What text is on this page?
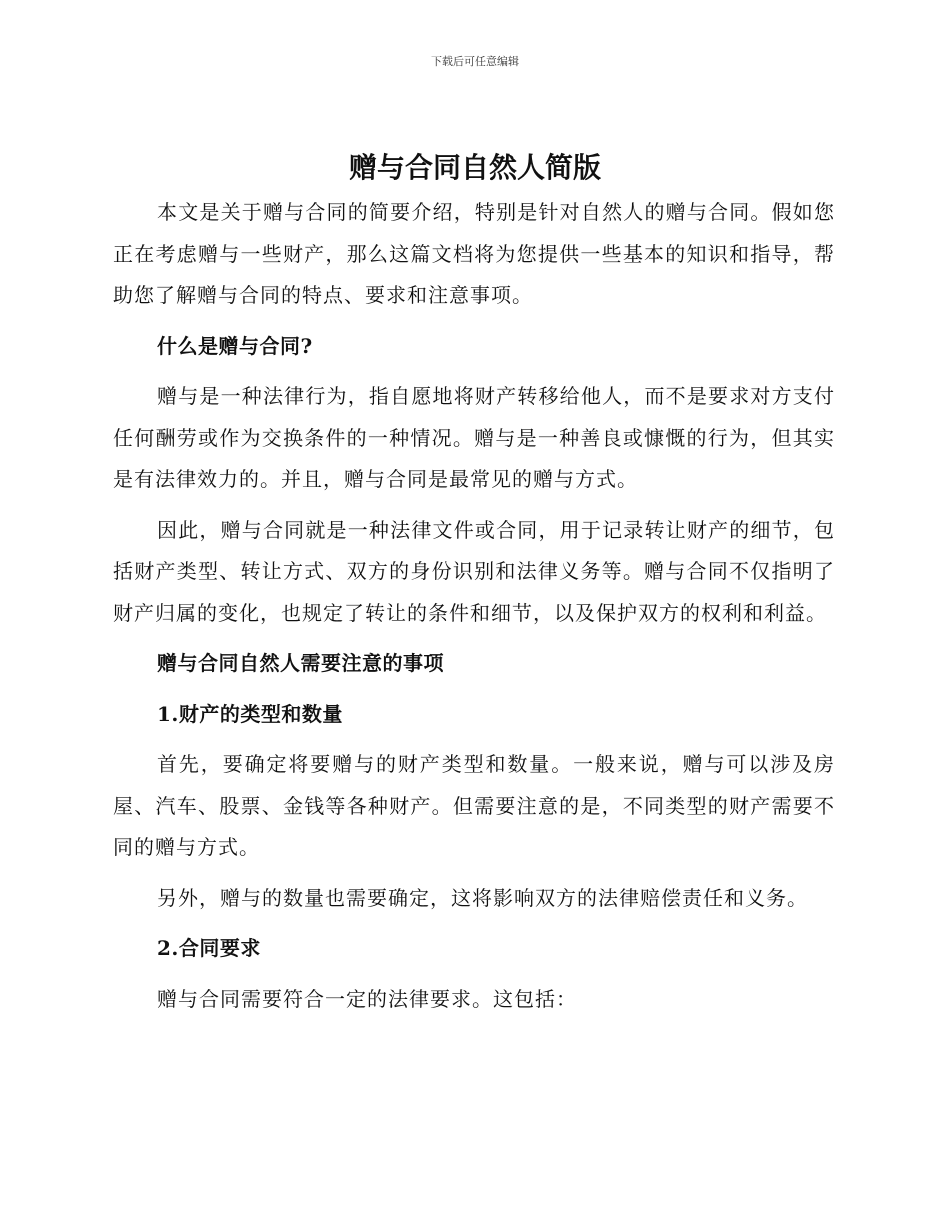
下载后可任意编辑
赠与合同自然人简版

本文是关于赠与合同的简要介绍，特别是针对自然人的赠与合同。假如您正在考虑赠与一些财产，那么这篇文档将为您提供一些基本的知识和指导，帮助您了解赠与合同的特点、要求和注意事项。

什么是赠与合同?

赠与是一种法律行为，指自愿地将财产转移给他人，而不是要求对方支付任何酬劳或作为交换条件的一种情况。赠与是一种善良或慷慨的行为，但其实是有法律效力的。并且，赠与合同是最常见的赠与方式。

因此，赠与合同就是一种法律文件或合同，用于记录转让财产的细节，包括财产类型、转让方式、双方的身份识别和法律义务等。赠与合同不仅指明了财产归属的变化，也规定了转让的条件和细节，以及保护双方的权利和利益。

赠与合同自然人需要注意的事项

1.财产的类型和数量

首先，要确定将要赠与的财产类型和数量。一般来说，赠与可以涉及房屋、汽车、股票、金钱等各种财产。但需要注意的是，不同类型的财产需要不同的赠与方式。

另外，赠与的数量也需要确定，这将影响双方的法律赔偿责任和义务。

2.合同要求

赠与合同需要符合一定的法律要求。这包括：
